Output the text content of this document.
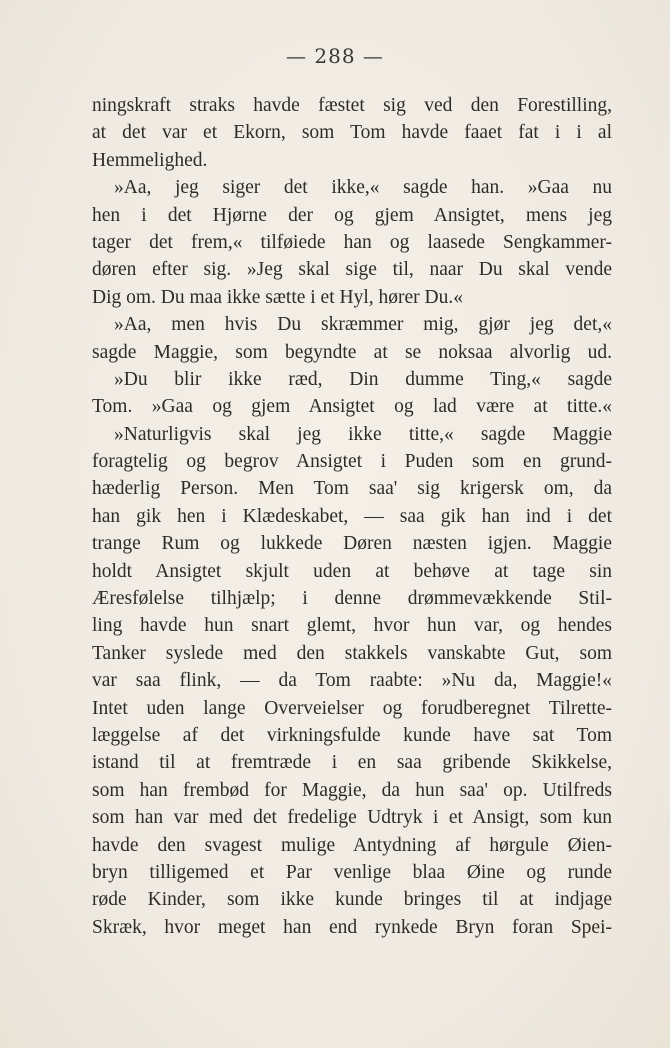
— 288 —
ningskraft straks havde fæstet sig ved den Forestilling,
at det var et Ekorn, som Tom havde faaet fat i i al
Hemmelighed.
»Aa, jeg siger det ikke,« sagde han. »Gaa nu
hen i det Hjørne der og gjem Ansigtet, mens jeg
tager det frem,« tilføiede han og laasede Sengkammer-
døren efter sig. »Jeg skal sige til, naar Du skal vende
Dig om. Du maa ikke sætte i et Hyl, hører Du.«
»Aa, men hvis Du skræmmer mig, gjør jeg det,«
sagde Maggie, som begyndte at se noksaa alvorlig ud.
»Du blir ikke ræd, Din dumme Ting,« sagde
Tom. »Gaa og gjem Ansigtet og lad være at titte.«
»Naturligvis skal jeg ikke titte,« sagde Maggie
foragtelig og begrov Ansigtet i Puden som en grund-
hæderlig Person. Men Tom saa' sig krigersk om, da
han gik hen i Klædeskabet, — saa gik han ind i det
trange Rum og lukkede Døren næsten igjen. Maggie
holdt Ansigtet skjult uden at behøve at tage sin
Æresfølelse tilhjælp; i denne drømmevækkende Stil-
ling havde hun snart glemt, hvor hun var, og hendes
Tanker syslede med den stakkels vanskabte Gut, som
var saa flink, — da Tom raabte: »Nu da, Maggie!«
Intet uden lange Overveielser og forudberegnet Tilrette-
læggelse af det virkningsfulde kunde have sat Tom
istand til at fremtræde i en saa gribende Skikkelse,
som han frembød for Maggie, da hun saa' op. Utilfreds
som han var med det fredelige Udtryk i et Ansigt, som kun
havde den svagest mulige Antydning af hørgule Øien-
bryn tilligemed et Par venlige blaa Øine og runde
røde Kinder, som ikke kunde bringes til at indjage
Skræk, hvor meget han end rynkede Bryn foran Spei-
